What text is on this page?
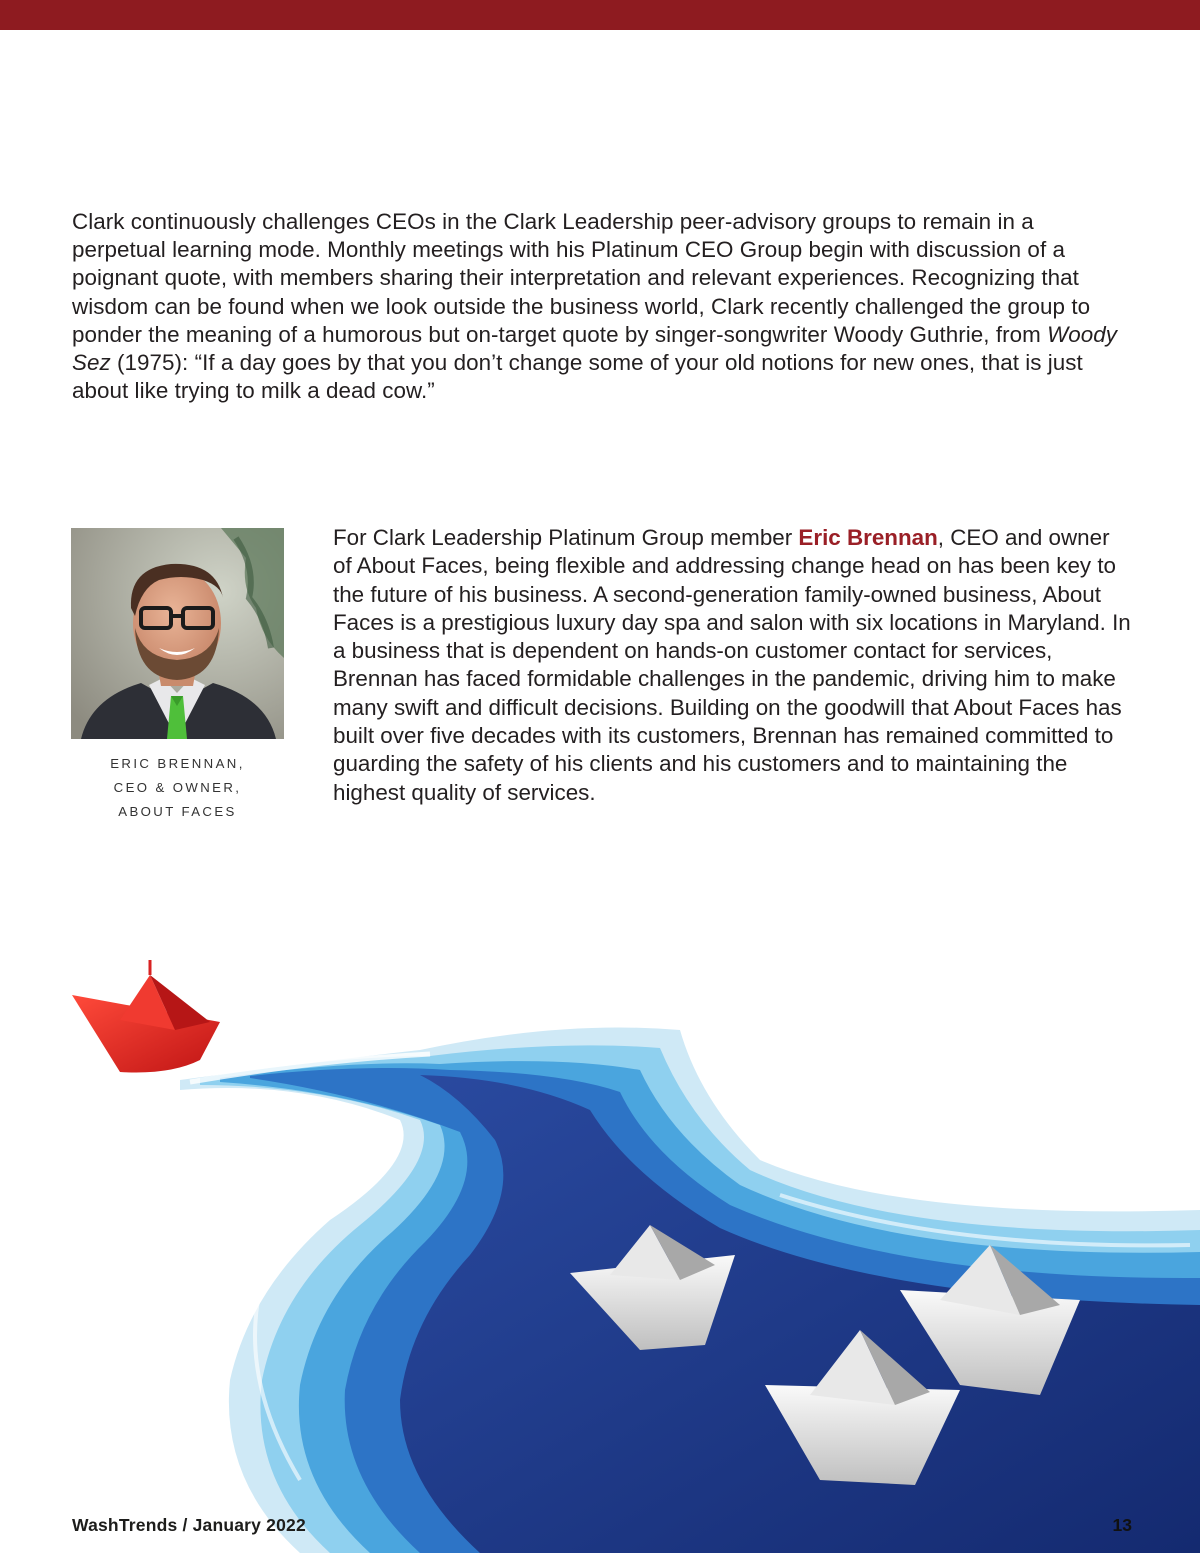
Clark continuously challenges CEOs in the Clark Leadership peer-advisory groups to remain in a perpetual learning mode. Monthly meetings with his Platinum CEO Group begin with discussion of a poignant quote, with members sharing their interpretation and relevant experiences. Recognizing that wisdom can be found when we look outside the business world, Clark recently challenged the group to ponder the meaning of a humorous but on-target quote by singer-songwriter Woody Guthrie, from Woody Sez (1975): “If a day goes by that you don’t change some of your old notions for new ones, that is just about like trying to milk a dead cow.”

ERIC BRENNAN,
CEO & OWNER,
ABOUT FACES

For Clark Leadership Platinum Group member Eric Brennan, CEO and owner of About Faces, being flexible and addressing change head on has been key to the future of his business. A second-generation family-owned business, About Faces is a prestigious luxury day spa and salon with six locations in Maryland. In a business that is dependent on hands-on customer contact for services, Brennan has faced formidable challenges in the pandemic, driving him to make many swift and difficult decisions. Building on the goodwill that About Faces has built over five decades with its customers, Brennan has remained committed to guarding the safety of his clients and his customers and to maintaining the highest quality of services.

WashTrends / January 2022	13
